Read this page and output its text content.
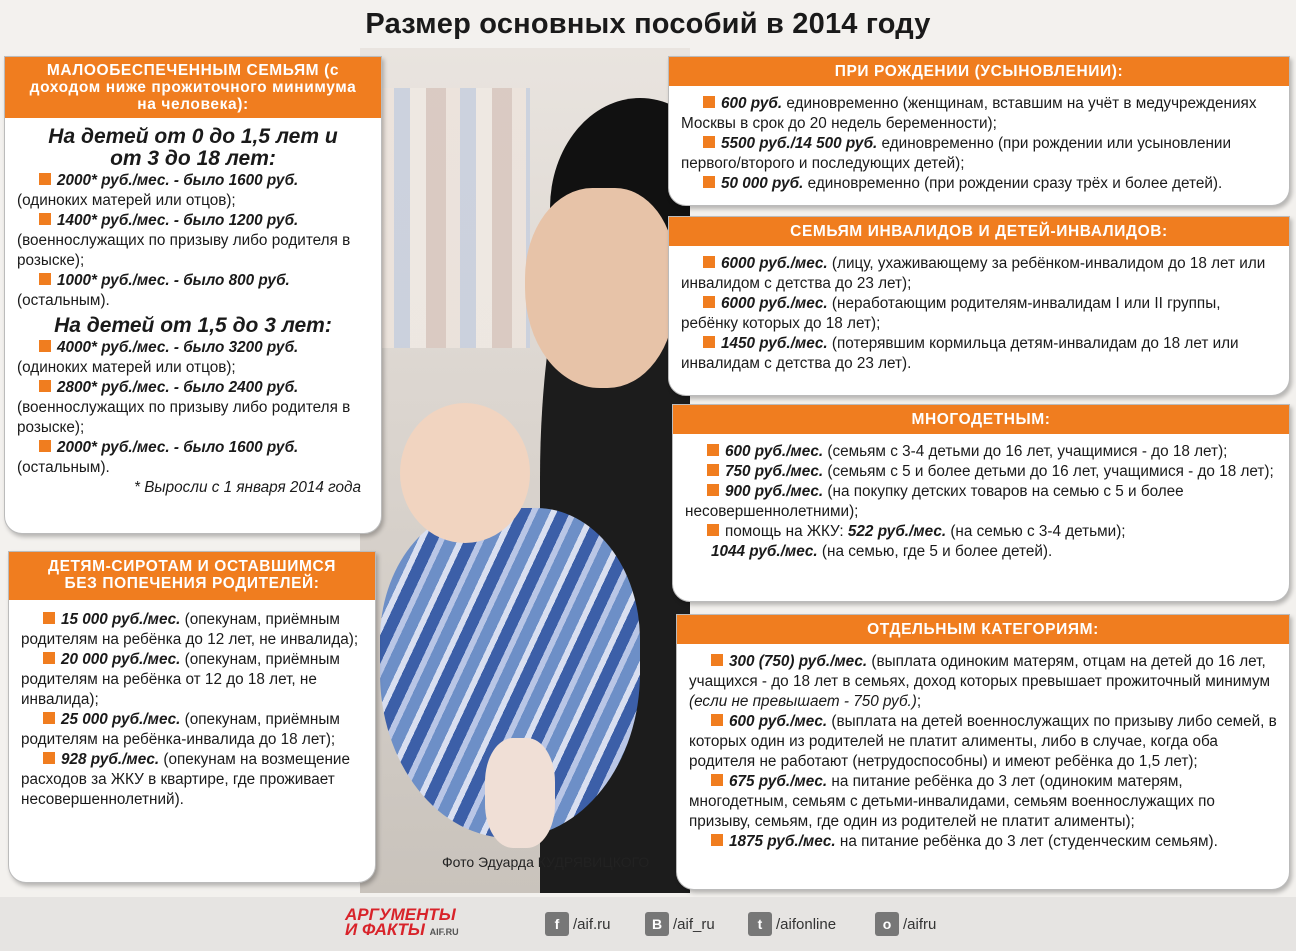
Размер основных пособий в 2014 году
Фото Эдуарда КУДРЯВИЦКОГО
МАЛООБЕСПЕЧЕННЫМ СЕМЬЯМ (с доходом ниже прожиточного минимума на человека):
На детей от 0 до 1,5 лет и от 3 до 18 лет:
2000* руб./мес. - было 1600 руб. (одиноких матерей или отцов);
1400* руб./мес. - было 1200 руб. (военнослужащих по призыву либо родителя в розыске);
1000* руб./мес. - было 800 руб. (остальным).
На детей от 1,5 до 3 лет:
4000* руб./мес. - было 3200 руб. (одиноких матерей или отцов);
2800* руб./мес. - было 2400 руб. (военнослужащих по призыву либо родителя в розыске);
2000* руб./мес. - было 1600 руб. (остальным).
* Выросли с 1 января 2014 года
ДЕТЯМ-СИРОТАМ И ОСТАВШИМСЯ БЕЗ ПОПЕЧЕНИЯ РОДИТЕЛЕЙ:
15 000 руб./мес. (опекунам, приёмным родителям на ребёнка до 12 лет, не инвалида);
20 000 руб./мес. (опекунам, приёмным родителям на ребёнка от 12 до 18 лет, не инвалида);
25 000 руб./мес. (опекунам, приёмным родителям на ребёнка-инвалида до 18 лет);
928 руб./мес. (опекунам на возмещение расходов за ЖКУ в квартире, где проживает несовершеннолетний).
ПРИ РОЖДЕНИИ (УСЫНОВЛЕНИИ):
600 руб. единовременно (женщинам, вставшим на учёт в медучреждениях Москвы в срок до 20 недель беременности);
5500 руб./14 500 руб. единовременно (при рождении или усыновлении первого/второго и последующих детей);
50 000 руб. единовременно (при рождении сразу трёх и более детей).
СЕМЬЯМ ИНВАЛИДОВ И ДЕТЕЙ-ИНВАЛИДОВ:
6000 руб./мес. (лицу, ухаживающему за ребёнком-инвалидом до 18 лет или инвалидом с детства до 23 лет);
6000 руб./мес. (неработающим родителям-инвалидам I или II группы, ребёнку которых до 18 лет);
1450 руб./мес. (потерявшим кормильца детям-инвалидам до 18 лет или инвалидам с детства до 23 лет).
МНОГОДЕТНЫМ:
600 руб./мес. (семьям с 3-4 детьми до 16 лет, учащимися - до 18 лет);
750 руб./мес. (семьям с 5 и более детьми до 16 лет, учащимися - до 18 лет);
900 руб./мес. (на покупку детских товаров на семью с 5 и более несовершеннолетними);
помощь на ЖКУ: 522 руб./мес. (на семью с 3-4 детьми);
1044 руб./мес. (на семью, где 5 и более детей).
ОТДЕЛЬНЫМ КАТЕГОРИЯМ:
300 (750) руб./мес. (выплата одиноким матерям, отцам на детей до 16 лет, учащихся - до 18 лет в семьях, доход которых превышает прожиточный минимум (если не превышает - 750 руб.);
600 руб./мес. (выплата на детей военнослужащих по призыву либо семей, в которых один из родителей не платит алименты, либо в случае, когда оба родителя не работают (нетрудоспособны) и имеют ребёнка до 1,5 лет);
675 руб./мес. на питание ребёнка до 3 лет (одиноким матерям, многодетным, семьям с детьми-инвалидами, семьям военнослужащих по призыву, семьям, где один из родителей не платит алименты);
1875 руб./мес. на питание ребёнка до 3 лет (студенческим семьям).
АРГУМЕНТЫ
И ФАКТЫ AIF.RU	f /aif.ru	B /aif_ru	t /aifonline	o /aifru
